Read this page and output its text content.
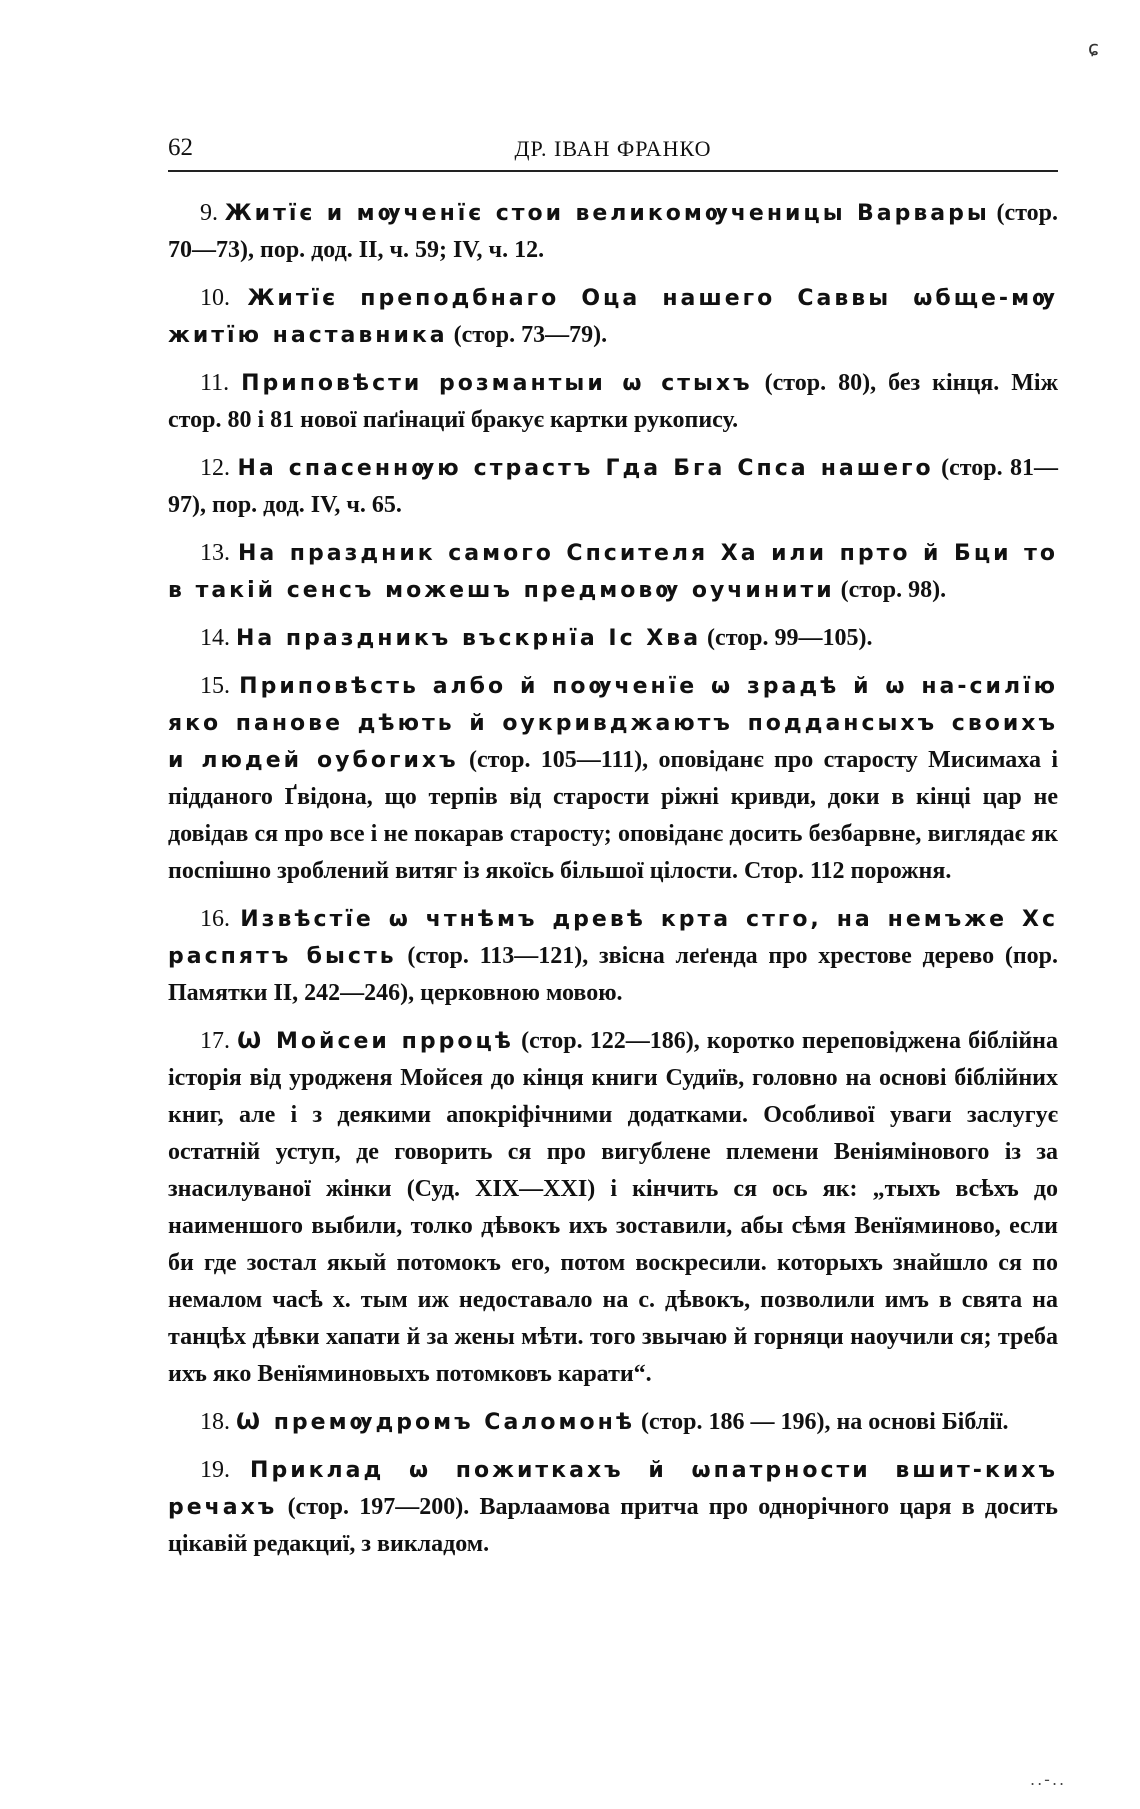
ɕ
62	ДР. ІВАН ФРАНКО

9. Житїє и мѹченїє стои великомѹченицы Варвары (стор. 70—73), пор. дод. II, ч. 59; IV, ч. 12.

10. Житїє преподбнаго Оца нашего Саввы ѡбще-мѹ житїю наставника (стор. 73—79).

11. Приповѣсти розмантыи ѡ стыхъ (стор. 80), без кінця. Між стор. 80 і 81 нової паґінациї бракує картки рукопису.

12. На спасеннѹю страстъ Гда Бга Спса нашего (стор. 81—97), пор. дод. IV, ч. 65.

13. На праздник самого Спсителя Ха или прто й Бци то в такій сенсъ можешъ предмовѹ оучинити (стор. 98).

14. На праздникъ въскрнїа Іс Хва (стор. 99—105).

15. Приповѣсть албо й поѹченїе ѡ зрадѣ й ѡ на-силїю яко панове дѣють й оукривджаютъ поддансыхъ своихъ и людей оубогихъ (стор. 105—111), оповіданє про старосту Мисимаха і підданого Ґвідона, що терпів від старости ріжні кривди, доки в кінці цар не довідав ся про все і не покарав старосту; оповіданє досить безбарвне, виглядає як поспішно зроблений витяг із якоїсь більшої цілости. Стор. 112 порожня.

16. Извѣстїе ѡ чтнѣмъ древѣ крта стго, на немъже Хс распятъ бысть (стор. 113—121), звісна леґенда про хрестове дерево (пор. Памятки II, 242—246), церковною мовою.

17. Ѡ Мойсеи прроцѣ (стор. 122—186), коротко переповіджена біблійна історія від уродженя Мойсея до кінця книги Судиїв, головно на основі біблійних книг, але і з деякими апокріфічними додатками. Особливої уваги заслугує остатній уступ, де говорить ся про вигублене племени Веніямінового із за знасилуваної жінки (Суд. XIX—XXI) і кінчить ся ось як: „тыхъ всѣхъ до наименшого выбили, толко дѣвокъ ихъ зоставили, абы сѣмя Венїяминово, если би где зостал якый потомокъ его, потом воскресили. которыхъ знайшло ся по немалом часѣ х. тым иж недоставало на с. дѣвокъ, позволили имъ в свята на танцѣх дѣвки хапати й за жены мѣти. того звычаю й горняци наоучили ся; треба ихъ яко Венїяминовыхъ потомковъ карати“.

18. Ѡ премѹдромъ Саломонѣ (стор. 186 — 196), на основі Біблії.

19. Приклад ѡ пожиткахъ й ѡпатрности вшит-кихъ речахъ (стор. 197—200). Варлаамова притча про однорічного царя в досить цікавій редакциї, з викладом.

..-..
